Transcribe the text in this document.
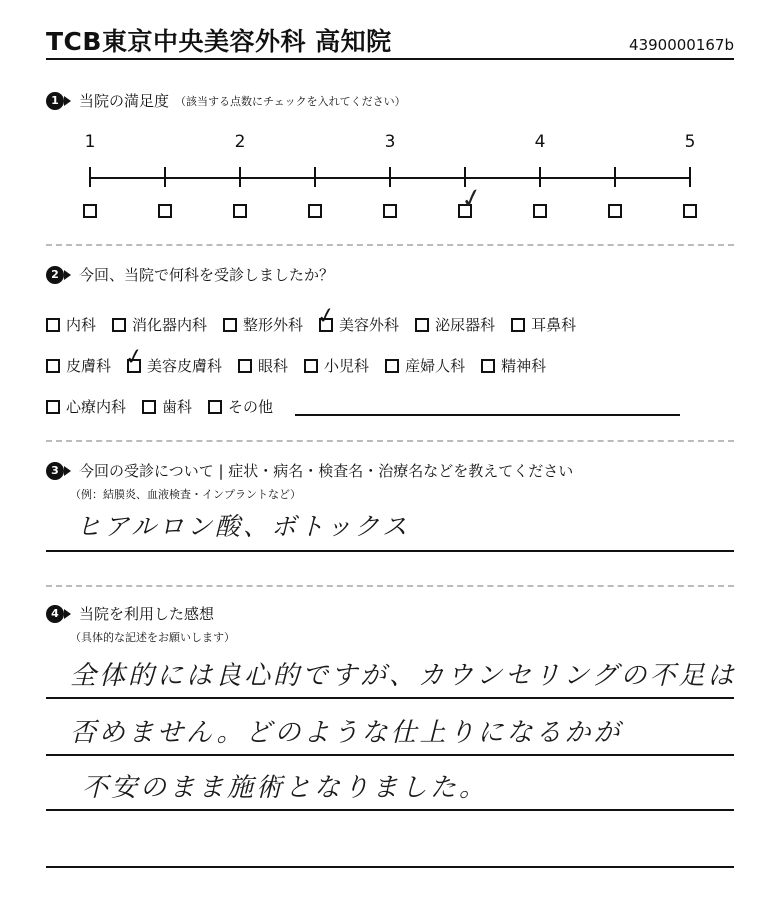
TCB東京中央美容外科 高知院	4390000167b
1	当院の満足度 （該当する点数にチェックを入れてください）
1	2	3	4	5
✓
2	今回、当院で何科を受診しましたか？
内科 消化器内科 整形外科 ✓ 美容外科 泌尿器科 耳鼻科
皮膚科 ✓ 美容皮膚科 眼科 小児科 産婦人科 精神科
心療内科 歯科 その他
3	今回の受診について | 症状・病名・検査名・治療名などを教えてください
（例：結膜炎、血液検査・インプラントなど）
ヒアルロン酸、ボトックス
4	当院を利用した感想
（具体的な記述をお願いします）
全体的には良心的ですが、カウンセリングの不足は
否めません。どのような仕上りになるかが
不安のまま施術となりました。
